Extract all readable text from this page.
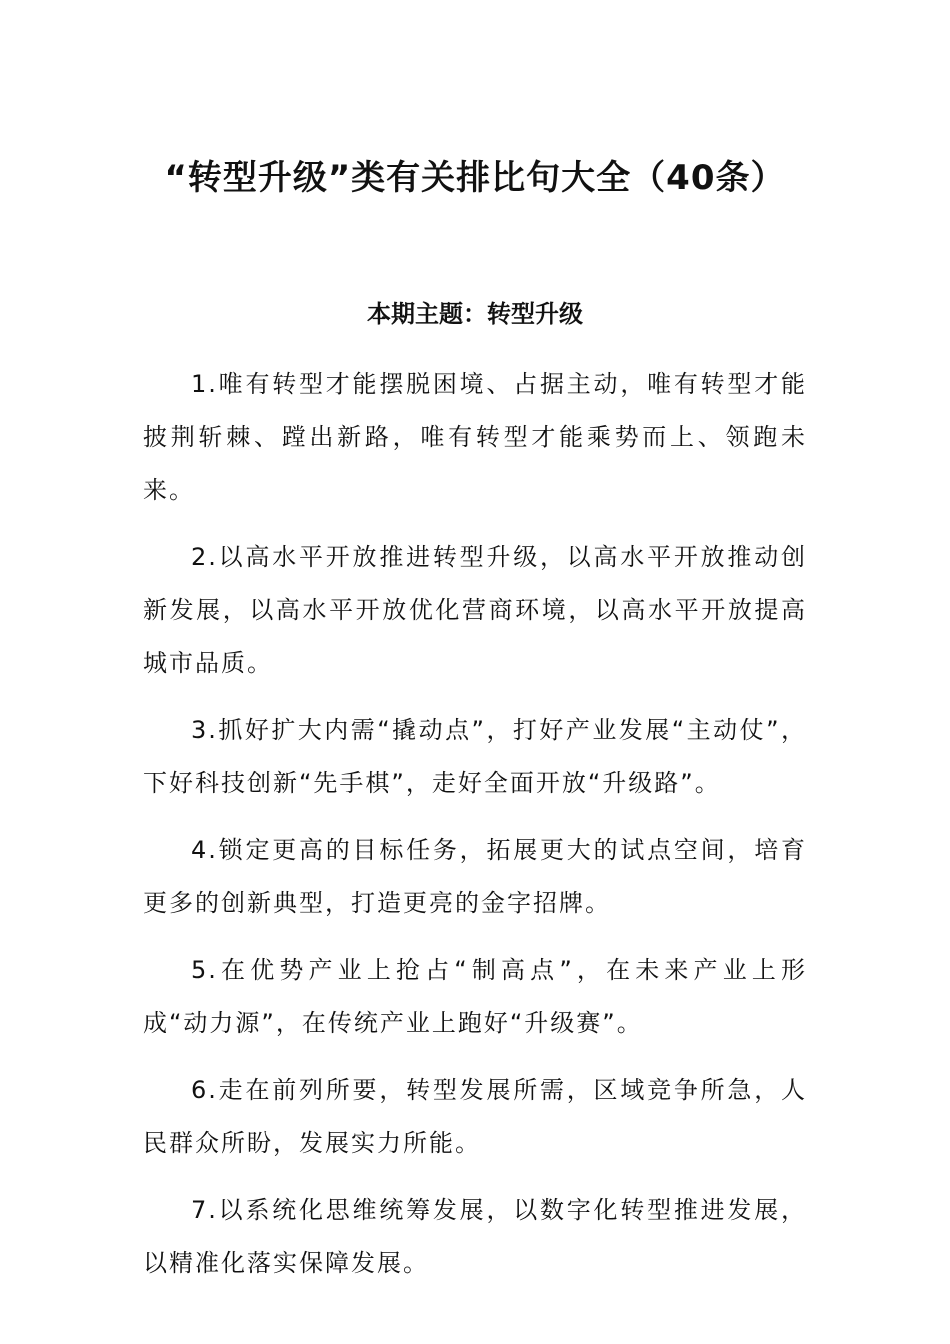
“转型升级”类有关排比句大全（40条）
本期主题：转型升级

1.唯有转型才能摆脱困境、占据主动，唯有转型才能披荆斩棘、蹚出新路，唯有转型才能乘势而上、领跑未来。

2.以高水平开放推进转型升级，以高水平开放推动创新发展，以高水平开放优化营商环境，以高水平开放提高城市品质。

3.抓好扩大内需“撬动点”，打好产业发展“主动仗”，下好科技创新“先手棋”，走好全面开放“升级路”。

4.锁定更高的目标任务，拓展更大的试点空间，培育更多的创新典型，打造更亮的金字招牌。

5.在优势产业上抢占“制高点”，在未来产业上形成“动力源”，在传统产业上跑好“升级赛”。

6.走在前列所要，转型发展所需，区域竞争所急，人民群众所盼，发展实力所能。

7.以系统化思维统筹发展，以数字化转型推进发展，以精准化落实保障发展。
